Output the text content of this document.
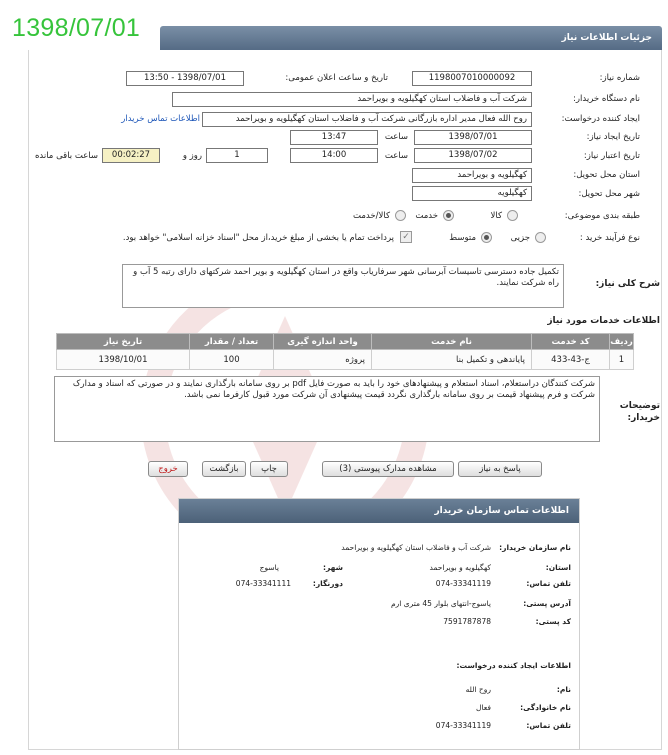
1398/07/01	جزئیات اطلاعات نیاز
شماره نیاز:
1198007010000092
تاریخ و ساعت اعلان عمومی:
1398/07/01 - 13:50
نام دستگاه خریدار:
شرکت آب و فاضلاب استان کهگیلویه و بویراحمد
ایجاد کننده درخواست:
روح الله فعال مدیر اداره بازرگانی شرکت آب و فاضلاب استان کهگیلویه و بویراحمد
اطلاعات تماس خریدار
تاریخ ایجاد نیاز:
1398/07/01
ساعت
13:47
تاریخ اعتبار نیاز:
1398/07/02
ساعت
14:00
1
روز و
00:02:27
ساعت باقی مانده
استان محل تحویل:
کهگیلویه و بویراحمد
شهر محل تحویل:
کهگیلویه
طبقه بندی موضوعی:
کالا
خدمت
کالا/خدمت
نوع فرآیند خرید :
جزیی
متوسط
✓
پرداخت تمام یا بخشی از مبلغ خرید،از محل "اسناد خزانه اسلامی" خواهد بود.
شرح کلی نیاز:
تکمیل جاده دسترسی تاسیسات آبرسانی شهر سرفاریاب واقع در استان کهگیلویه و بویر احمد شرکتهای دارای رتبه 5 آب و راه شرکت نمایند.
اطلاعات خدمات مورد نیاز
ردیف	کد خدمت	نام خدمت	واحد اندازه گیری	تعداد / مقدار	تاریخ نیاز
1	ج-43-433	پایاندهی و تکمیل بنا	پروژه	100	1398/10/01
توضیحات خریدار:
شرکت کنندگان دراستعلام، اسناد استعلام و پیشنهادهای خود را باید به صورت فایل pdf بر روی سامانه بارگذاری نمایند و در صورتی که اسناد و مدارک شرکت و فرم پیشنهاد قیمت بر روی سامانه بارگذاری نگردد قیمت پیشنهادی آن شرکت مورد قبول کارفرما نمی باشد.
پاسخ به نیاز
مشاهده مدارک پیوستی (3)
چاپ
بازگشت
خروج
اطلاعات تماس سازمان خریدار
نام سازمان خریدار:
شرکت آب و فاضلاب استان کهگیلویه و بویراحمد
استان:
کهگیلویه و بویراحمد
شهر:
یاسوج
تلفن تماس:
074-33341119
دورنگار:
074-33341111
آدرس پستی:
یاسوج-انتهای بلوار 45 متری ارم
کد پستی:
7591787878
اطلاعات ایجاد کننده درخواست:
نام:
روح الله
نام خانوادگی:
فعال
تلفن تماس:
074-33341119
